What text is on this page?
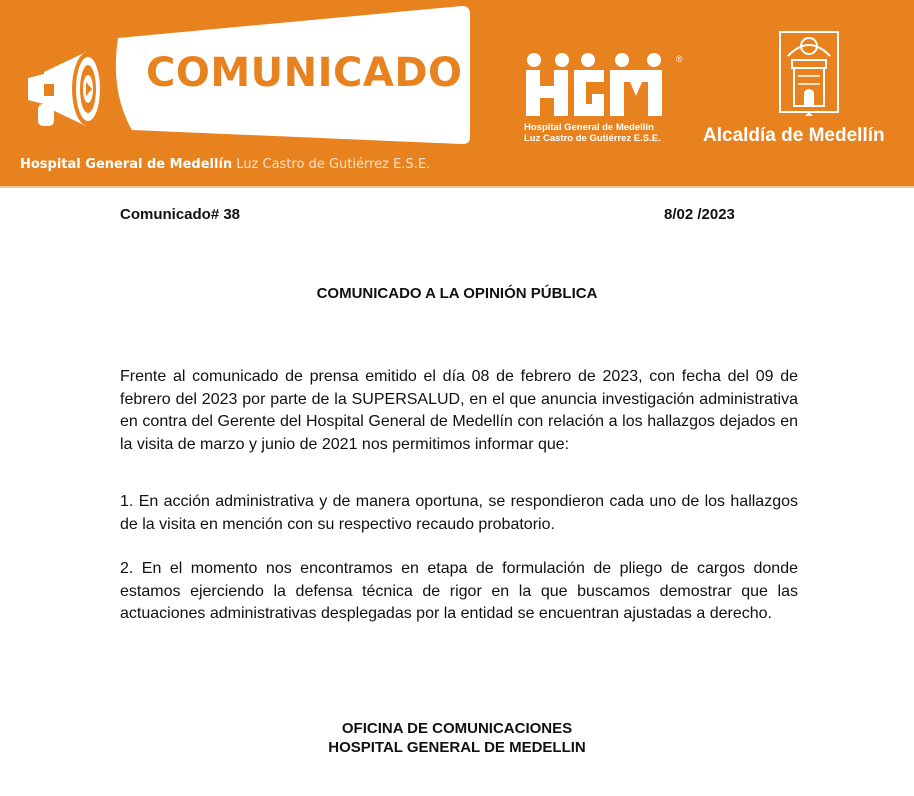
COMUNICADO
Hospital General de Medellín Luz Castro de Gutiérrez E.S.E.
®
Hospital General de Medellín
Luz Castro de Gutiérrez E.S.E. Alcaldía de Medellín
Comunicado# 38	8/02 /2023
COMUNICADO A LA OPINIÓN PÚBLICA
Frente al comunicado de prensa emitido el día 08 de febrero de 2023, con fecha del 09 de febrero del 2023 por parte de la SUPERSALUD, en el que anuncia investigación administrativa en contra del Gerente del Hospital General de Medellín con relación a los hallazgos dejados en la visita de marzo y junio de 2021 nos permitimos informar que:
1. En acción administrativa y de manera oportuna, se respondieron cada uno de los hallazgos de la visita en mención con su respectivo recaudo probatorio.
2. En el momento nos encontramos en etapa de formulación de pliego de cargos donde estamos ejerciendo la defensa técnica de rigor en la que buscamos demostrar que las actuaciones administrativas desplegadas por la entidad se encuentran ajustadas a derecho.
OFICINA DE COMUNICACIONES
HOSPITAL GENERAL DE MEDELLIN
